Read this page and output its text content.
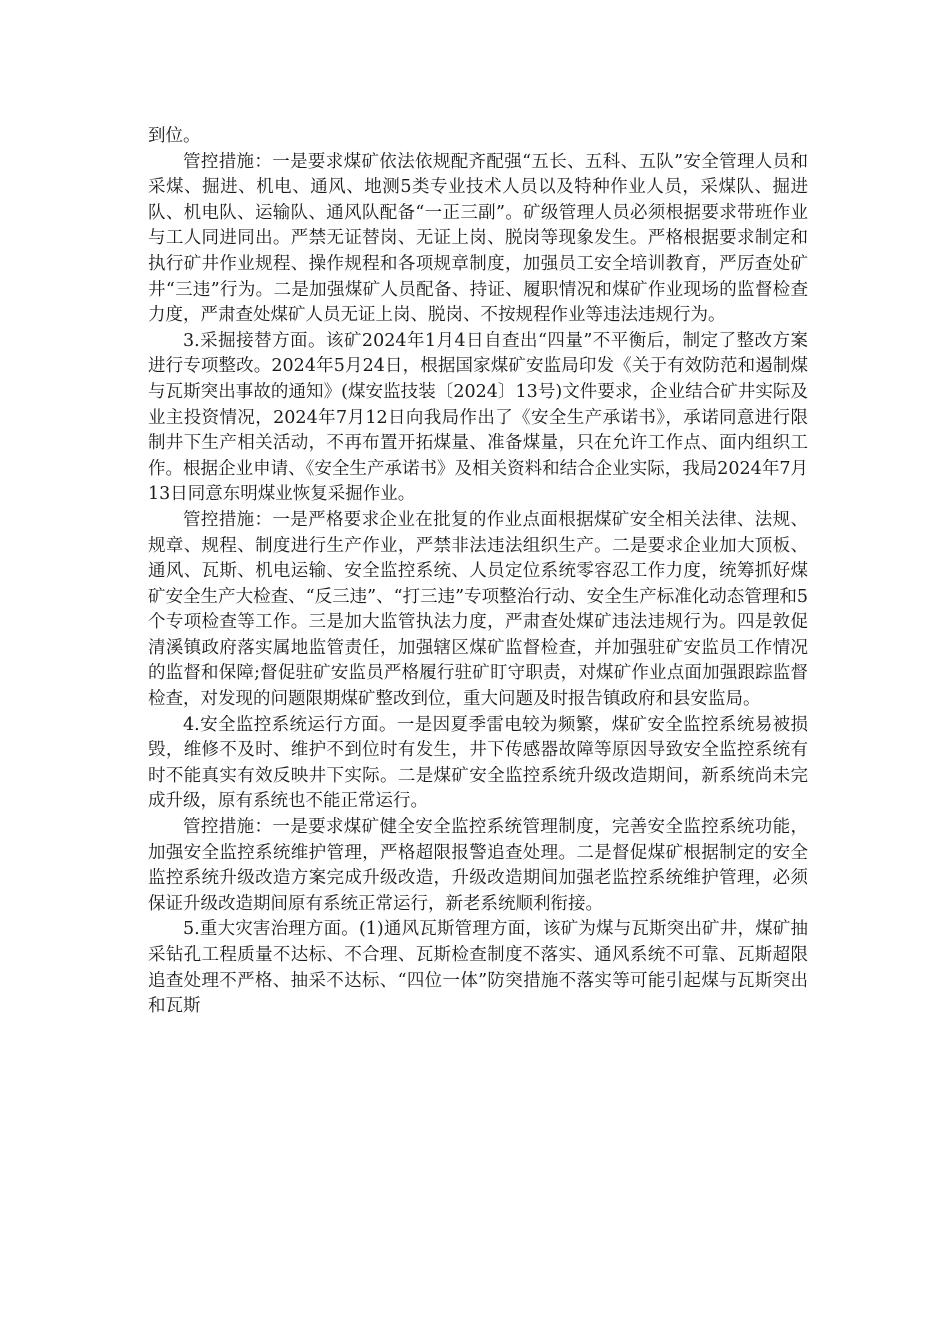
到位。

管控措施：一是要求煤矿依法依规配齐配强“五长、五科、五队”安全管理人员和采煤、掘进、机电、通风、地测5类专业技术人员以及特种作业人员，采煤队、掘进队、机电队、运输队、通风队配备“一正三副”。矿级管理人员必须根据要求带班作业与工人同进同出。严禁无证替岗、无证上岗、脱岗等现象发生。严格根据要求制定和执行矿井作业规程、操作规程和各项规章制度，加强员工安全培训教育，严厉查处矿井“三违”行为。二是加强煤矿人员配备、持证、履职情况和煤矿作业现场的监督检查力度，严肃查处煤矿人员无证上岗、脱岗、不按规程作业等违法违规行为。

3.采掘接替方面。该矿2024年1月4日自查出“四量”不平衡后，制定了整改方案进行专项整改。2024年5月24日，根据国家煤矿安监局印发《关于有效防范和遏制煤与瓦斯突出事故的通知》(煤安监技装〔2024〕13号)文件要求，企业结合矿井实际及业主投资情况，2024年7月12日向我局作出了《安全生产承诺书》，承诺同意进行限制井下生产相关活动，不再布置开拓煤量、准备煤量，只在允许工作点、面内组织工作。根据企业申请、《安全生产承诺书》及相关资料和结合企业实际，我局2024年7月13日同意东明煤业恢复采掘作业。

管控措施：一是严格要求企业在批复的作业点面根据煤矿安全相关法律、法规、规章、规程、制度进行生产作业，严禁非法违法组织生产。二是要求企业加大顶板、通风、瓦斯、机电运输、安全监控系统、人员定位系统零容忍工作力度，统筹抓好煤矿安全生产大检查、“反三违”、“打三违”专项整治行动、安全生产标准化动态管理和5个专项检查等工作。三是加大监管执法力度，严肃查处煤矿违法违规行为。四是敦促清溪镇政府落实属地监管责任，加强辖区煤矿监督检查，并加强驻矿安监员工作情况的监督和保障;督促驻矿安监员严格履行驻矿盯守职责，对煤矿作业点面加强跟踪监督检查，对发现的问题限期煤矿整改到位，重大问题及时报告镇政府和县安监局。

4.安全监控系统运行方面。一是因夏季雷电较为频繁，煤矿安全监控系统易被损毁，维修不及时、维护不到位时有发生，井下传感器故障等原因导致安全监控系统有时不能真实有效反映井下实际。二是煤矿安全监控系统升级改造期间，新系统尚未完成升级，原有系统也不能正常运行。

管控措施：一是要求煤矿健全安全监控系统管理制度，完善安全监控系统功能，加强安全监控系统维护管理，严格超限报警追查处理。二是督促煤矿根据制定的安全监控系统升级改造方案完成升级改造，升级改造期间加强老监控系统维护管理，必须保证升级改造期间原有系统正常运行，新老系统顺利衔接。

5.重大灾害治理方面。(1)通风瓦斯管理方面，该矿为煤与瓦斯突出矿井，煤矿抽采钻孔工程质量不达标、不合理、瓦斯检查制度不落实、通风系统不可靠、瓦斯超限追查处理不严格、抽采不达标、“四位一体”防突措施不落实等可能引起煤与瓦斯突出和瓦斯
